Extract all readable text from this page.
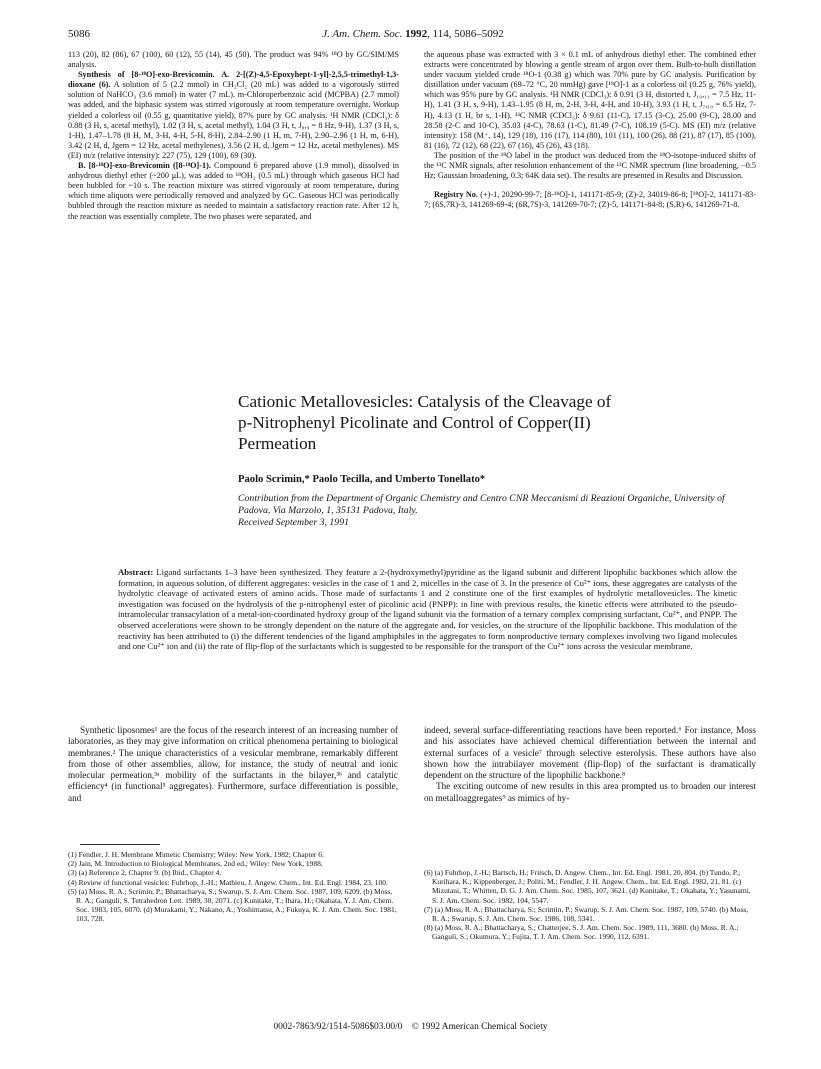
5086	J. Am. Chem. Soc. 1992, 114, 5086–5092

113 (20), 82 (86), 67 (100), 60 (12), 55 (14), 45 (50). The product was 94% ¹⁸O by GC/SIM/MS analysis.

Synthesis of [8-¹⁸O]-exo-Brevicomin. A. 2-[(Z)-4,5-Epoxyhept-1-yl]-2,5,5-trimethyl-1,3-dioxane (6). A solution of 5 (2.2 mmol) in CH₂Cl₂ (20 mL) was added to a vigorously stirred solution of NaHCO₃ (3.6 mmol) in water (7 mL). m-Chloroperbenzoic acid (MCPBA) (2.7 mmol) was added, and the biphasic system was stirred vigorously at room temperature overnight. Workup yielded a colorless oil (0.55 g, quantitative yield), 87% pure by GC analysis. ¹H NMR (CDCl₃): δ 0.88 (3 H, s, acetal methyl), 1.02 (3 H, s, acetal methyl), 1.04 (3 H, t, J₈,₉ = 8 Hz, 9-H), 1.37 (3 H, s, 1-H), 1.47–1.78 (8 H, M, 3-H, 4-H, 5-H, 8-H), 2.84–2.90 (1 H, m, 7-H), 2.90–2.96 (1 H, m, 6-H), 3.42 (2 H, d, Jgem = 12 Hz, acetal methylenes), 3.56 (2 H, d, Jgem = 12 Hz, acetal methylenes). MS (EI) m/z (relative intensity): 227 (75), 129 (100), 69 (30).

B. [8-¹⁸O]-exo-Brevicomin ([8-¹⁸O]-1). Compound 6 prepared above (1.9 mmol), dissolved in anhydrous diethyl ether (~200 μL), was added to ¹⁸OH₂ (0.5 mL) through which gaseous HCl had been bubbled for ~10 s. The reaction mixture was stirred vigorously at room temperature, during which time aliquots were periodically removed and analyzed by GC. Gaseous HCl was periodically bubbled through the reaction mixture as needed to maintain a satisfactory reaction rate. After 12 h, the reaction was essentially complete. The two phases were separated, and

the aqueous phase was extracted with 3 × 0.1 mL of anhydrous diethyl ether. The combined ether extracts were concentrated by blowing a gentle stream of argon over them. Bulb-to-bulb distillation under vacuum yielded crude ¹⁸O-1 (0.38 g) which was 70% pure by GC analysis. Purification by distillation under vacuum (69–72 °C, 20 mmHg) gave [¹⁸O]-1 as a colorless oil (0.25 g, 76% yield), which was 95% pure by GC analysis. ¹H NMR (CDCl₃): δ 0.91 (3 H, distorted t, J₁₀,₁₁ = 7.5 Hz, 11-H), 1.41 (3 H, s, 9-H), 1.43–1.95 (8 H, m, 2-H, 3-H, 4-H, and 10-H), 3.93 (1 H, t, J₇,₁₀ = 6.5 Hz, 7-H), 4.13 (1 H, br s, 1-H). ¹³C NMR (CDCl₃): δ 9.61 (11-C), 17.15 (3-C), 25.00 (9-C), 28.00 and 28.58 (2-C and 10-C), 35.03 (4-C), 78.63 (1-C), 81.49 (7-C), 108.19 (5-C). MS (EI) m/z (relative intensity): 158 (M⁺, 14), 129 (18), 116 (17), 114 (80), 101 (11), 100 (26), 88 (21), 87 (17), 85 (100), 81 (16), 72 (12), 68 (22), 67 (16), 45 (26), 43 (18).

The position of the ¹⁸O label in the product was deduced from the ¹⁸O-isotope-induced shifts of the ¹³C NMR signals, after resolution enhancement of the ¹³C NMR spectrum (line broadening, −0.5 Hz; Gaussian broadening, 0.3; 64K data set). The results are presented in Results and Discussion.

Registry No. (+)-1, 20290-99-7; [8-¹⁸O]-1, 141171-85-9; (Z)-2, 34019-86-8; [¹⁸O]-2, 141171-83-7; (6S,7R)-3, 141269-69-4; (6R,7S)-3, 141269-70-7; (Z)-5, 141171-84-8; (S,R)-6, 141269-71-8.

Cationic Metallovesicles: Catalysis of the Cleavage of
p-Nitrophenyl Picolinate and Control of Copper(II)
Permeation
Paolo Scrimin,* Paolo Tecilla, and Umberto Tonellato*
Contribution from the Department of Organic Chemistry and Centro CNR Meccanismi di Reazioni Organiche, University of Padova, Via Marzolo, 1, 35131 Padova, Italy.
Received September 3, 1991
Abstract: Ligand surfactants 1–3 have been synthesized. They feature a 2-(hydroxymethyl)pyridine as the ligand subunit and different lipophilic backbones which allow the formation, in aqueous solution, of different aggregates: vesicles in the case of 1 and 2, micelles in the case of 3. In the presence of Cu²⁺ ions, these aggregates are catalysts of the hydrolytic cleavage of activated esters of amino acids. Those made of surfactants 1 and 2 constitute one of the first examples of hydrolytic metallovesicles. The kinetic investigation was focused on the hydrolysis of the p-nitrophenyl ester of picolinic acid (PNPP): in line with previous results, the kinetic effects were attributed to the pseudo-intramolecular transacylation of a metal-ion-coordinated hydroxy group of the ligand subunit via the formation of a ternary complex comprising surfactant, Cu²⁺, and PNPP. The observed accelerations were shown to be strongly dependent on the nature of the aggregate and, for vesicles, on the structure of the lipophilic backbone. This modulation of the reactivity has been attributed to (i) the different tendencies of the ligand amphiphiles in the aggregates to form nonproductive ternary complexes involving two ligand molecules and one Cu²⁺ ion and (ii) the rate of flip-flop of the surfactants which is suggested to be responsible for the transport of the Cu²⁺ ions across the vesicular membrane.

Synthetic liposomes¹ are the focus of the research interest of an increasing number of laboratories, as they may give information on critical phenomena pertaining to biological membranes.² The unique characteristics of a vesicular membrane, remarkably different from those of other assemblies, allow, for instance, the study of neutral and ionic molecular permeation,³ᵃ mobility of the surfactants in the bilayer,³ᵇ and catalytic efficiency⁴ (in functional⁵ aggregates). Furthermore, surface differentiation is possible, and

indeed, several surface-differentiating reactions have been reported.⁶ For instance, Moss and his associates have achieved chemical differentiation between the internal and external surfaces of a vesicle⁷ through selective esterolysis. These authors have also shown how the intrabilayer movement (flip-flop) of the surfactant is dramatically dependent on the structure of the lipophilic backbone.⁸

The exciting outcome of new results in this area prompted us to broaden our interest on metalloaggregates⁹ as mimics of hy-

(1) Fendler, J. H. Membrane Mimetic Chemistry; Wiley: New York, 1982; Chapter 6.
(2) Jain, M. Introduction to Biological Membranes, 2nd ed.; Wiley: New York, 1988.
(3) (a) Reference 2, Chapter 9. (b) Ibid., Chapter 4.
(4) Review of functional vesicles: Fuhrhop, J.-H.; Mathieu, J. Angew. Chem., Int. Ed. Engl. 1984, 23, 100.
(5) (a) Moss, R. A.; Scrimin, P.; Bhattacharya, S.; Swarup, S. J. Am. Chem. Soc. 1987, 109, 6209. (b) Moss, R. A.; Ganguli, S. Tetrahedron Lett. 1989, 30, 2071. (c) Kunitake, T.; Ihara, H.; Okahata, Y. J. Am. Chem. Soc. 1983, 105, 6070. (d) Murakami, Y.; Nakano, A.; Yoshimatsu, A.; Fukuya, K. J. Am. Chem. Soc. 1981, 103, 728.
(6) (a) Fuhrhop, J.-H.; Bartsch, H.; Fritsch, D. Angew. Chem., Int. Ed. Engl. 1981, 20, 804. (b) Tundo, P.; Kurihara, K.; Kippenberger, J.; Politi, M.; Fendler, J. H. Angew. Chem., Int. Ed. Engl. 1982, 21, 81. (c) Mizutani, T.; Whitten, D. G. J. Am. Chem. Soc. 1985, 107, 3621. (d) Kunitake, T.; Okahata, Y.; Yasunami, S. J. Am. Chem. Soc. 1982, 104, 5547.
(7) (a) Moss, R. A.; Bhattacharya, S.; Scrimin, P.; Swarup, S. J. Am. Chem. Soc. 1987, 109, 5740. (b) Moss, R. A.; Swarup, S. J. Am. Chem. Soc. 1986, 108, 5341.
(8) (a) Moss, R. A.; Bhattacharya, S.; Chatterjee, S. J. Am. Chem. Soc. 1989, 111, 3680. (b) Moss, R. A.; Ganguli, S.; Okumura, Y.; Fujita, T. J. Am. Chem. Soc. 1990, 112, 6391.
0002-7863/92/1514-5086$03.00/0 © 1992 American Chemical Society
